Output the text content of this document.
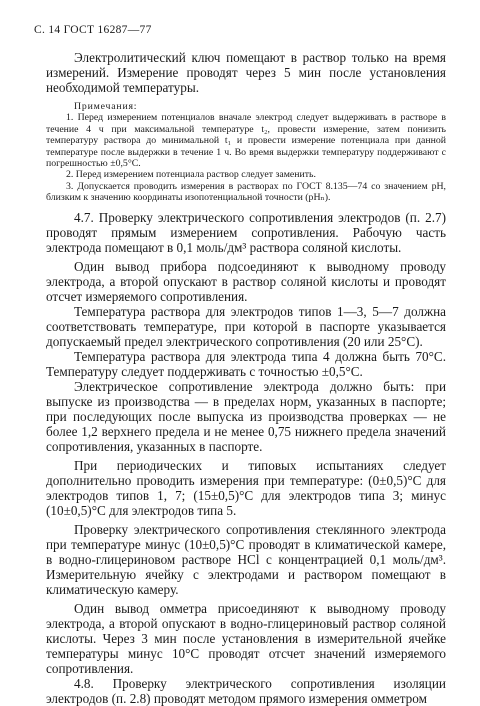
С. 14 ГОСТ 16287—77

Электролитический ключ помещают в раствор только на время измерений. Измерение проводят через 5 мин после установления необходимой температуры.

Примечания:

1. Перед измерением потенциалов вначале электрод следует выдерживать в растворе в течение 4 ч при максимальной температуре t₂, провести измерение, затем понизить температуру раствора до минимальной t₁ и провести измерение потенциала при данной температуре после выдержки в течение 1 ч. Во время выдержки температуру поддерживают с погрешностью ±0,5°С.

2. Перед измерением потенциала раствор следует заменить.

3. Допускается проводить измерения в растворах по ГОСТ 8.135—74 со значением pH, близким к значению координаты изопотенциальной точности (pHₙ).

4.7. Проверку электрического сопротивления электродов (п. 2.7) проводят прямым измерением сопротивления. Рабочую часть электрода помещают в 0,1 моль/дм³ раствора соляной кислоты.

Один вывод прибора подсоединяют к выводному проводу электрода, а второй опускают в раствор соляной кислоты и проводят отсчет измеряемого сопротивления.

Температура раствора для электродов типов 1—3, 5—7 должна соответствовать температуре, при которой в паспорте указывается допускаемый предел электрического сопротивления (20 или 25°С).

Температура раствора для электрода типа 4 должна быть 70°С. Температуру следует поддерживать с точностью ±0,5°С.

Электрическое сопротивление электрода должно быть: при выпуске из производства — в пределах норм, указанных в паспорте; при последующих после выпуска из производства проверках — не более 1,2 верхнего предела и не менее 0,75 нижнего предела значений сопротивления, указанных в паспорте.

При периодических и типовых испытаниях следует дополнительно проводить измерения при температуре: (0±0,5)°С для электродов типов 1, 7; (15±0,5)°С для электродов типа 3; минус (10±0,5)°С для электродов типа 5.

Проверку электрического сопротивления стеклянного электрода при температуре минус (10±0,5)°С проводят в климатической камере, в водно-глицериновом растворе HCl с концентрацией 0,1 моль/дм³. Измерительную ячейку с электродами и раствором помещают в климатическую камеру.

Один вывод омметра присоединяют к выводному проводу электрода, а второй опускают в водно-глицериновый раствор соляной кислоты. Через 3 мин после установления в измерительной ячейке температуры минус 10°С проводят отсчет значений измеряемого сопротивления.

4.8. Проверку электрического сопротивления изоляции электродов (п. 2.8) проводят методом прямого измерения омметром
